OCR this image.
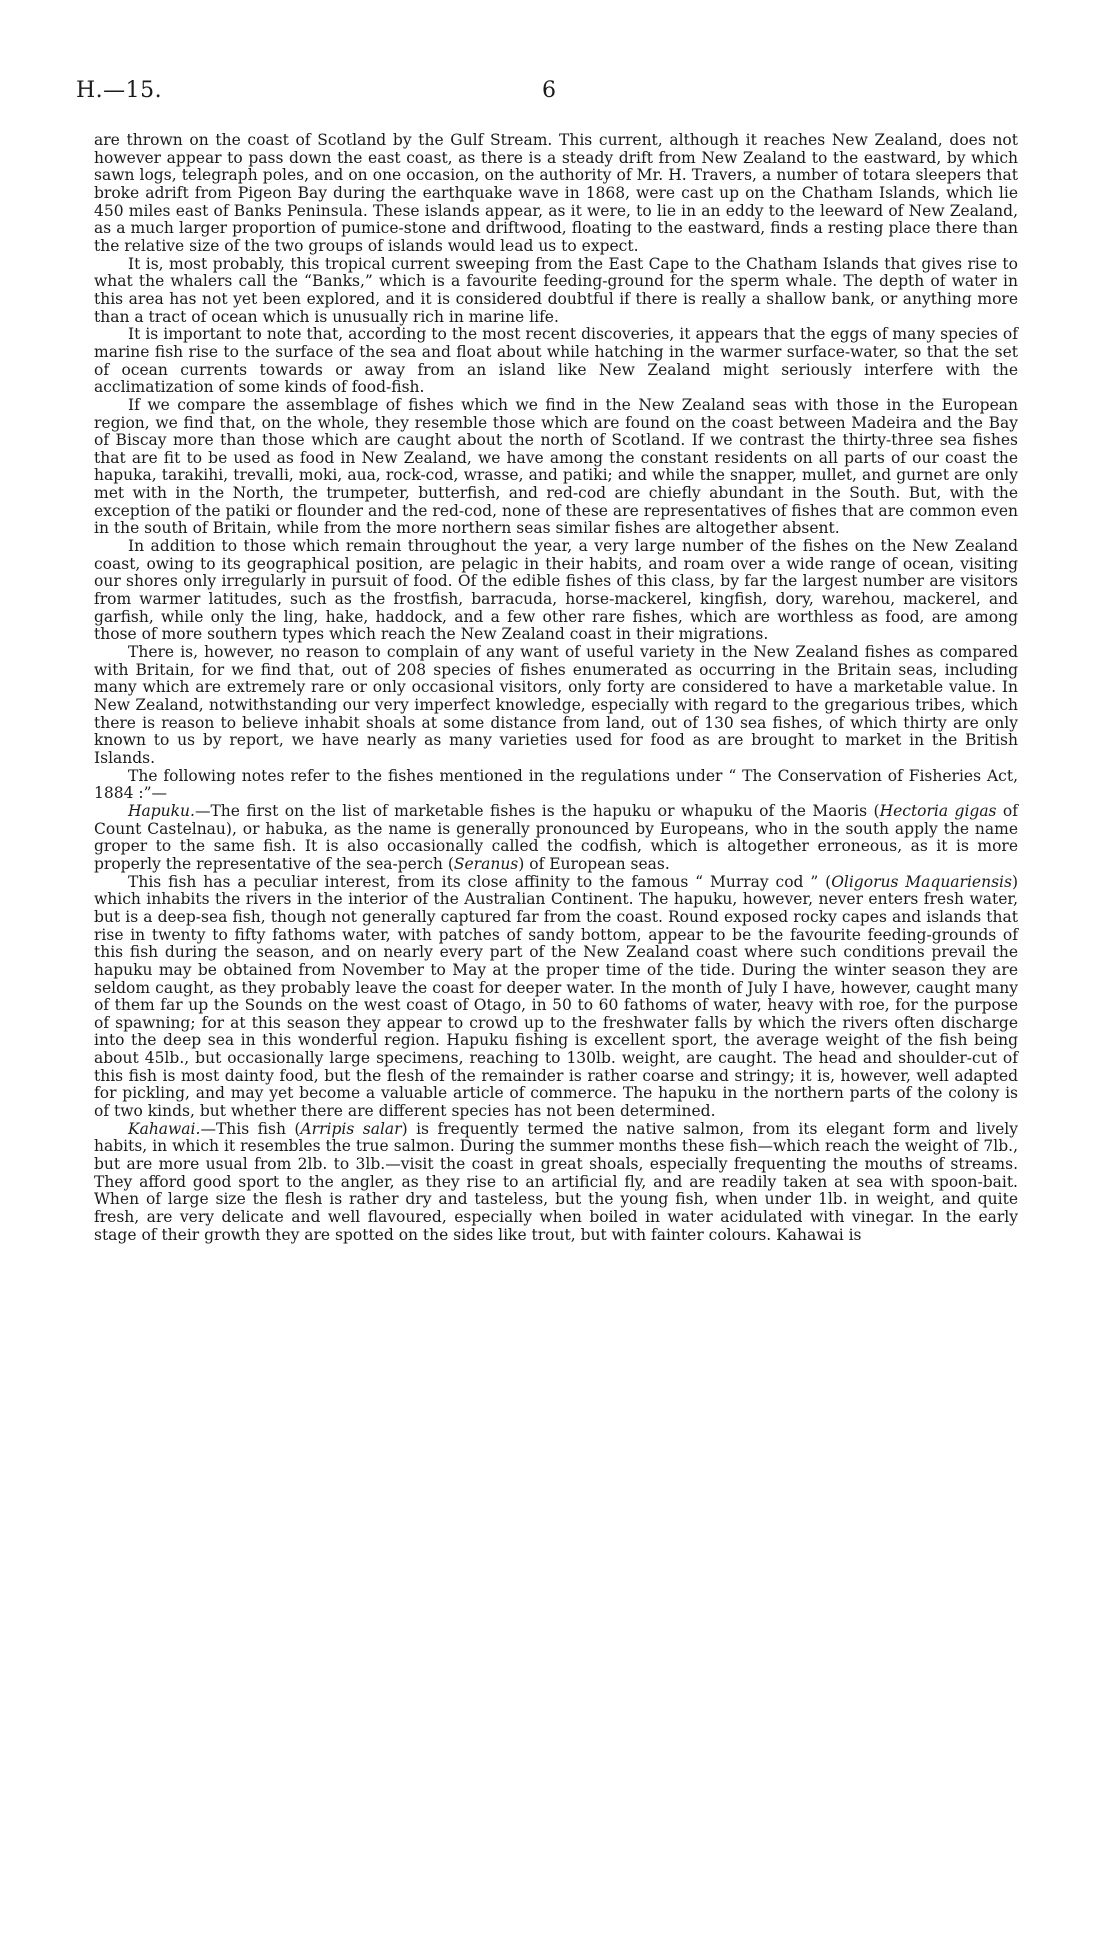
H.—15.	6

are thrown on the coast of Scotland by the Gulf Stream. This current, although it reaches New Zealand, does not however appear to pass down the east coast, as there is a steady drift from New Zealand to the eastward, by which sawn logs, telegraph poles, and on one occasion, on the authority of Mr. H. Travers, a number of totara sleepers that broke adrift from Pigeon Bay during the earthquake wave in 1868, were cast up on the Chatham Islands, which lie 450 miles east of Banks Peninsula. These islands appear, as it were, to lie in an eddy to the leeward of New Zealand, as a much larger proportion of pumice-stone and driftwood, floating to the eastward, finds a resting place there than the relative size of the two groups of islands would lead us to expect.

It is, most probably, this tropical current sweeping from the East Cape to the Chatham Islands that gives rise to what the whalers call the “Banks,” which is a favourite feeding-ground for the sperm whale. The depth of water in this area has not yet been explored, and it is considered doubtful if there is really a shallow bank, or anything more than a tract of ocean which is unusually rich in marine life.

It is important to note that, according to the most recent discoveries, it appears that the eggs of many species of marine fish rise to the surface of the sea and float about while hatching in the warmer surface-water, so that the set of ocean currents towards or away from an island like New Zealand might seriously interfere with the acclimatization of some kinds of food-fish.

If we compare the assemblage of fishes which we find in the New Zealand seas with those in the European region, we find that, on the whole, they resemble those which are found on the coast between Madeira and the Bay of Biscay more than those which are caught about the north of Scotland. If we contrast the thirty-three sea fishes that are fit to be used as food in New Zealand, we have among the constant residents on all parts of our coast the hapuka, tarakihi, trevalli, moki, aua, rock-cod, wrasse, and patiki; and while the snapper, mullet, and gurnet are only met with in the North, the trumpeter, butterfish, and red-cod are chiefly abundant in the South. But, with the exception of the patiki or flounder and the red-cod, none of these are representatives of fishes that are common even in the south of Britain, while from the more northern seas similar fishes are altogether absent.

In addition to those which remain throughout the year, a very large number of the fishes on the New Zealand coast, owing to its geographical position, are pelagic in their habits, and roam over a wide range of ocean, visiting our shores only irregularly in pursuit of food. Of the edible fishes of this class, by far the largest number are visitors from warmer latitudes, such as the frostfish, barracuda, horse-mackerel, kingfish, dory, warehou, mackerel, and garfish, while only the ling, hake, haddock, and a few other rare fishes, which are worthless as food, are among those of more southern types which reach the New Zealand coast in their migrations.

There is, however, no reason to complain of any want of useful variety in the New Zealand fishes as compared with Britain, for we find that, out of 208 species of fishes enumerated as occurring in the Britain seas, including many which are extremely rare or only occasional visitors, only forty are considered to have a marketable value. In New Zealand, notwithstanding our very imperfect knowledge, especially with regard to the gregarious tribes, which there is reason to believe inhabit shoals at some distance from land, out of 130 sea fishes, of which thirty are only known to us by report, we have nearly as many varieties used for food as are brought to market in the British Islands.

The following notes refer to the fishes mentioned in the regulations under “ The Conservation of Fisheries Act, 1884 :”—

Hapuku.—The first on the list of marketable fishes is the hapuku or whapuku of the Maoris (Hectoria gigas of Count Castelnau), or habuka, as the name is generally pronounced by Europeans, who in the south apply the name groper to the same fish. It is also occasionally called the codfish, which is altogether erroneous, as it is more properly the representative of the sea-perch (Seranus) of European seas.

This fish has a peculiar interest, from its close affinity to the famous “ Murray cod ” (Oligorus Maquariensis) which inhabits the rivers in the interior of the Australian Continent. The hapuku, however, never enters fresh water, but is a deep-sea fish, though not generally captured far from the coast. Round exposed rocky capes and islands that rise in twenty to fifty fathoms water, with patches of sandy bottom, appear to be the favourite feeding-grounds of this fish during the season, and on nearly every part of the New Zealand coast where such conditions prevail the hapuku may be obtained from November to May at the proper time of the tide. During the winter season they are seldom caught, as they probably leave the coast for deeper water. In the month of July I have, however, caught many of them far up the Sounds on the west coast of Otago, in 50 to 60 fathoms of water, heavy with roe, for the purpose of spawning; for at this season they appear to crowd up to the freshwater falls by which the rivers often discharge into the deep sea in this wonderful region. Hapuku fishing is excellent sport, the average weight of the fish being about 45lb., but occasionally large specimens, reaching to 130lb. weight, are caught. The head and shoulder-cut of this fish is most dainty food, but the flesh of the remainder is rather coarse and stringy; it is, however, well adapted for pickling, and may yet become a valuable article of commerce. The hapuku in the northern parts of the colony is of two kinds, but whether there are different species has not been determined.

Kahawai.—This fish (Arripis salar) is frequently termed the native salmon, from its elegant form and lively habits, in which it resembles the true salmon. During the summer months these fish—which reach the weight of 7lb., but are more usual from 2lb. to 3lb.—visit the coast in great shoals, especially frequenting the mouths of streams. They afford good sport to the angler, as they rise to an artificial fly, and are readily taken at sea with spoon-bait. When of large size the flesh is rather dry and tasteless, but the young fish, when under 1lb. in weight, and quite fresh, are very delicate and well flavoured, especially when boiled in water acidulated with vinegar. In the early stage of their growth they are spotted on the sides like trout, but with fainter colours. Kahawai is
